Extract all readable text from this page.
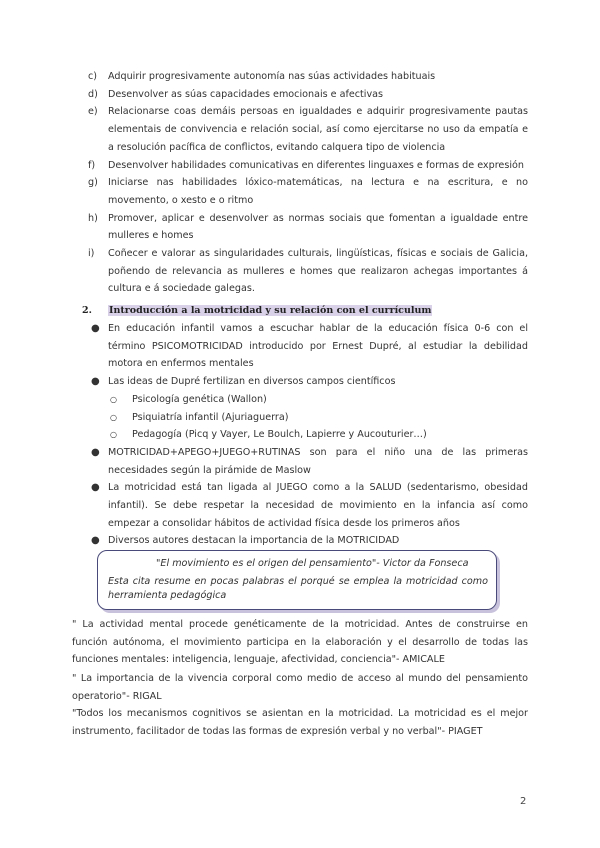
c) Adquirir progresivamente autonomía nas súas actividades habituais
d) Desenvolver as súas capacidades emocionais e afectivas
e) Relacionarse coas demáis persoas en igualdades e adquirir progresivamente pautas elementais de convivencia e relación social, así como ejercitarse no uso da empatía e a resolución pacífica de conflictos, evitando calquera tipo de violencia
f) Desenvolver habilidades comunicativas en diferentes linguaxes e formas de expresión
g) Iniciarse nas habilidades lóxico-matemáticas, na lectura e na escritura, e no movemento, o xesto e o ritmo
h) Promover, aplicar e desenvolver as normas sociais que fomentan a igualdade entre mulleres e homes
i) Coñecer e valorar as singularidades culturais, lingüísticas, físicas e sociais de Galicia, poñendo de relevancia as mulleres e homes que realizaron achegas importantes á cultura e á sociedade galegas.
2. Introducción a la motricidad y su relación con el currículum
● En educación infantil vamos a escuchar hablar de la educación física 0-6 con el término PSICOMOTRICIDAD introducido por Ernest Dupré, al estudiar la debilidad motora en enfermos mentales
● Las ideas de Dupré fertilizan en diversos campos científicos
○ Psicología genética (Wallon)
○ Psiquiatría infantil (Ajuriaguerra)
○ Pedagogía (Picq y Vayer, Le Boulch, Lapierre y Aucouturier…)
● MOTRICIDAD+APEGO+JUEGO+RUTINAS son para el niño una de las primeras necesidades según la pirámide de Maslow
● La motricidad está tan ligada al JUEGO como a la SALUD (sedentarismo, obesidad infantil). Se debe respetar la necesidad de movimiento en la infancia así como empezar a consolidar hábitos de actividad física desde los primeros años
● Diversos autores destacan la importancia de la MOTRICIDAD
"El movimiento es el origen del pensamiento"- Victor da Fonseca
Esta cita resume en pocas palabras el porqué se emplea la motricidad como herramienta pedagógica
" La actividad mental procede genéticamente de la motricidad. Antes de construirse en función autónoma, el movimiento participa en la elaboración y el desarrollo de todas las funciones mentales: inteligencia, lenguaje, afectividad, conciencia"- AMICALE
" La importancia de la vivencia corporal como medio de acceso al mundo del pensamiento operatorio"- RIGAL
"Todos los mecanismos cognitivos se asientan en la motricidad. La motricidad es el mejor instrumento, facilitador de todas las formas de expresión verbal y no verbal"- PIAGET
2
